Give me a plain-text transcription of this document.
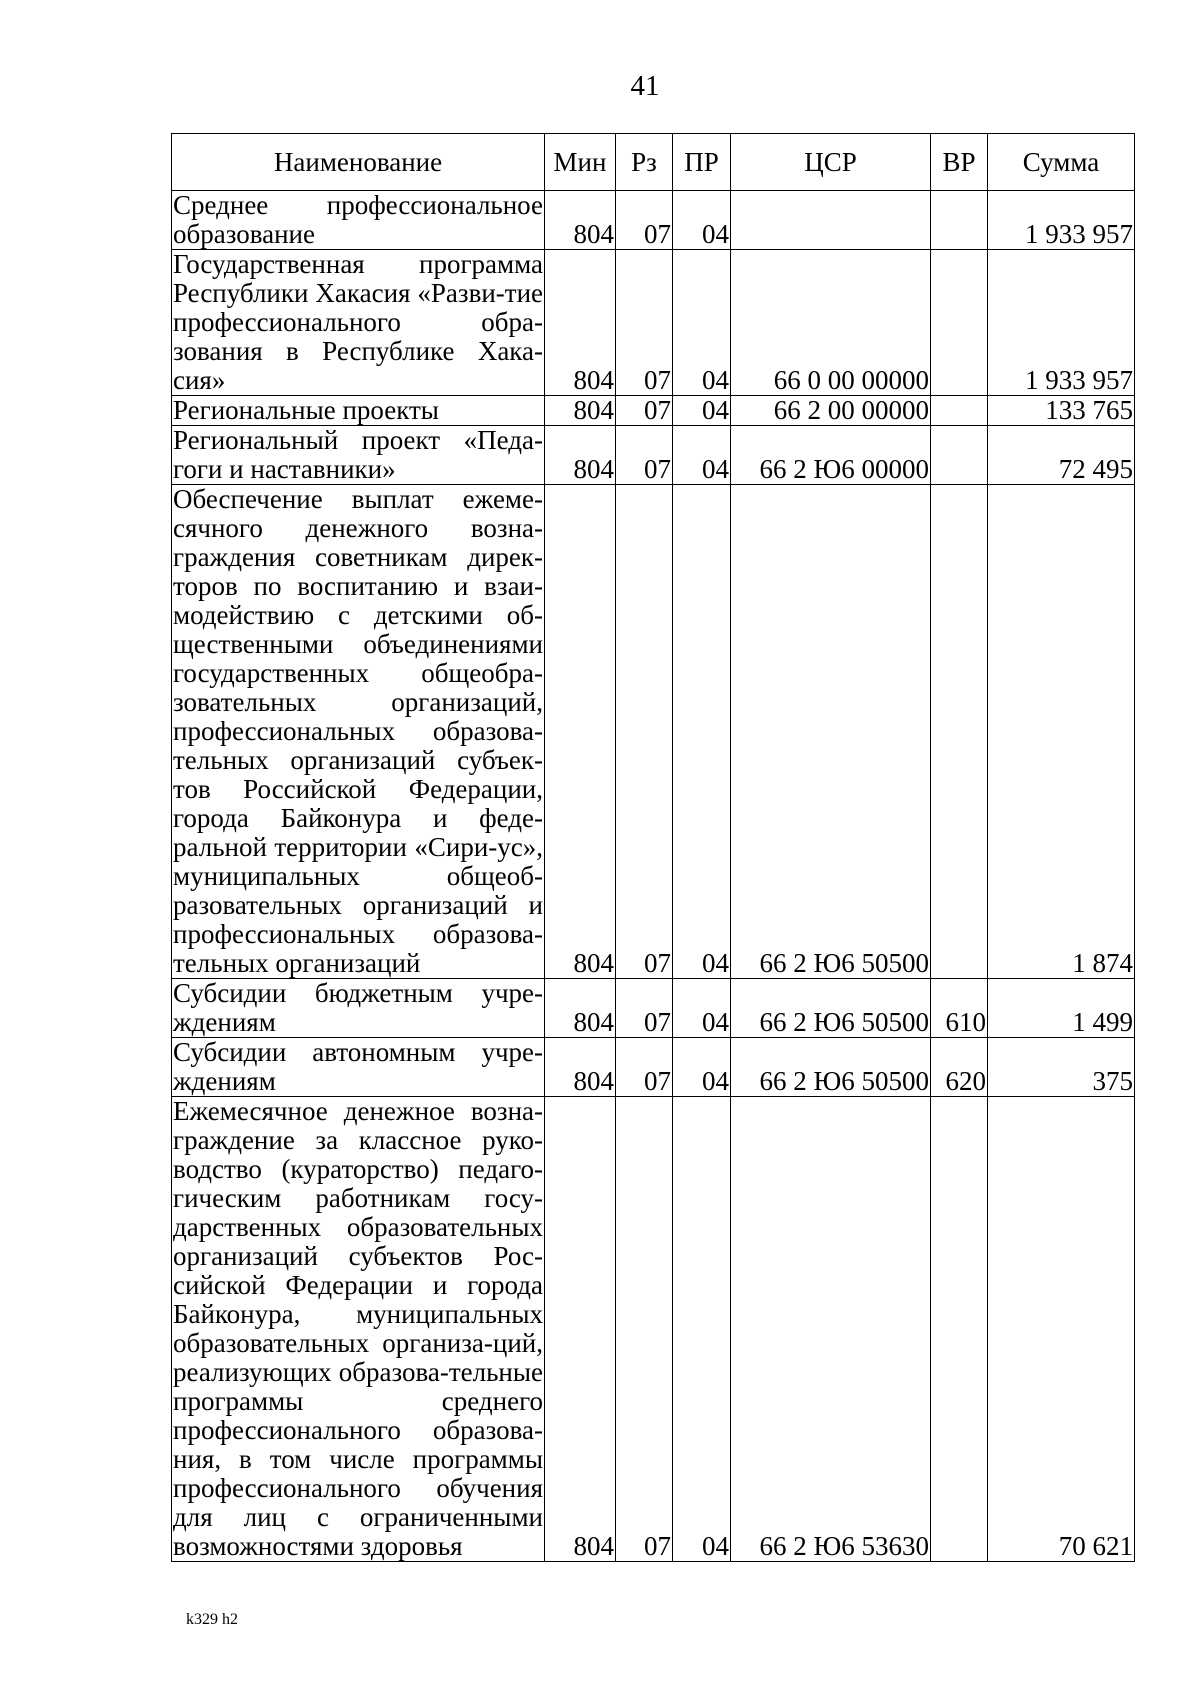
41
Наименование	Мин	Рз	ПР	ЦСР	ВР	Сумма
Среднее профессиональное образование	804	07	04			1 933 957
Государственная программа Республики Хакасия «Разви-тие профессионального обра-зования в Республике Хака-сия»	804	07	04	66 0 00 00000		1 933 957
Региональные проекты	804	07	04	66 2 00 00000		133 765
Региональный проект «Педа-гоги и наставники»	804	07	04	66 2 Ю6 00000		72 495
Обеспечение выплат ежеме-сячного денежного возна-граждения советникам дирек-торов по воспитанию и взаи-модействию с детскими об-щественными объединениями государственных общеобра-зовательных организаций, профессиональных образова-тельных организаций субъек-тов Российской Федерации, города Байконура и феде-ральной территории «Сири-ус», муниципальных общеоб-разовательных организаций и профессиональных образова-тельных организаций	804	07	04	66 2 Ю6 50500		1 874
Субсидии бюджетным учре-ждениям	804	07	04	66 2 Ю6 50500	610	1 499
Субсидии автономным учре-ждениям	804	07	04	66 2 Ю6 50500	620	375
Ежемесячное денежное возна-граждение за классное руко-водство (кураторство) педаго-гическим работникам госу-дарственных образовательных организаций субъектов Рос-сийской Федерации и города Байконура, муниципальных образовательных организа-ций, реализующих образова-тельные программы среднего профессионального образова-ния, в том числе программы профессионального обучения для лиц с ограниченными возможностями здоровья	804	07	04	66 2 Ю6 53630		70 621
k329 h2
